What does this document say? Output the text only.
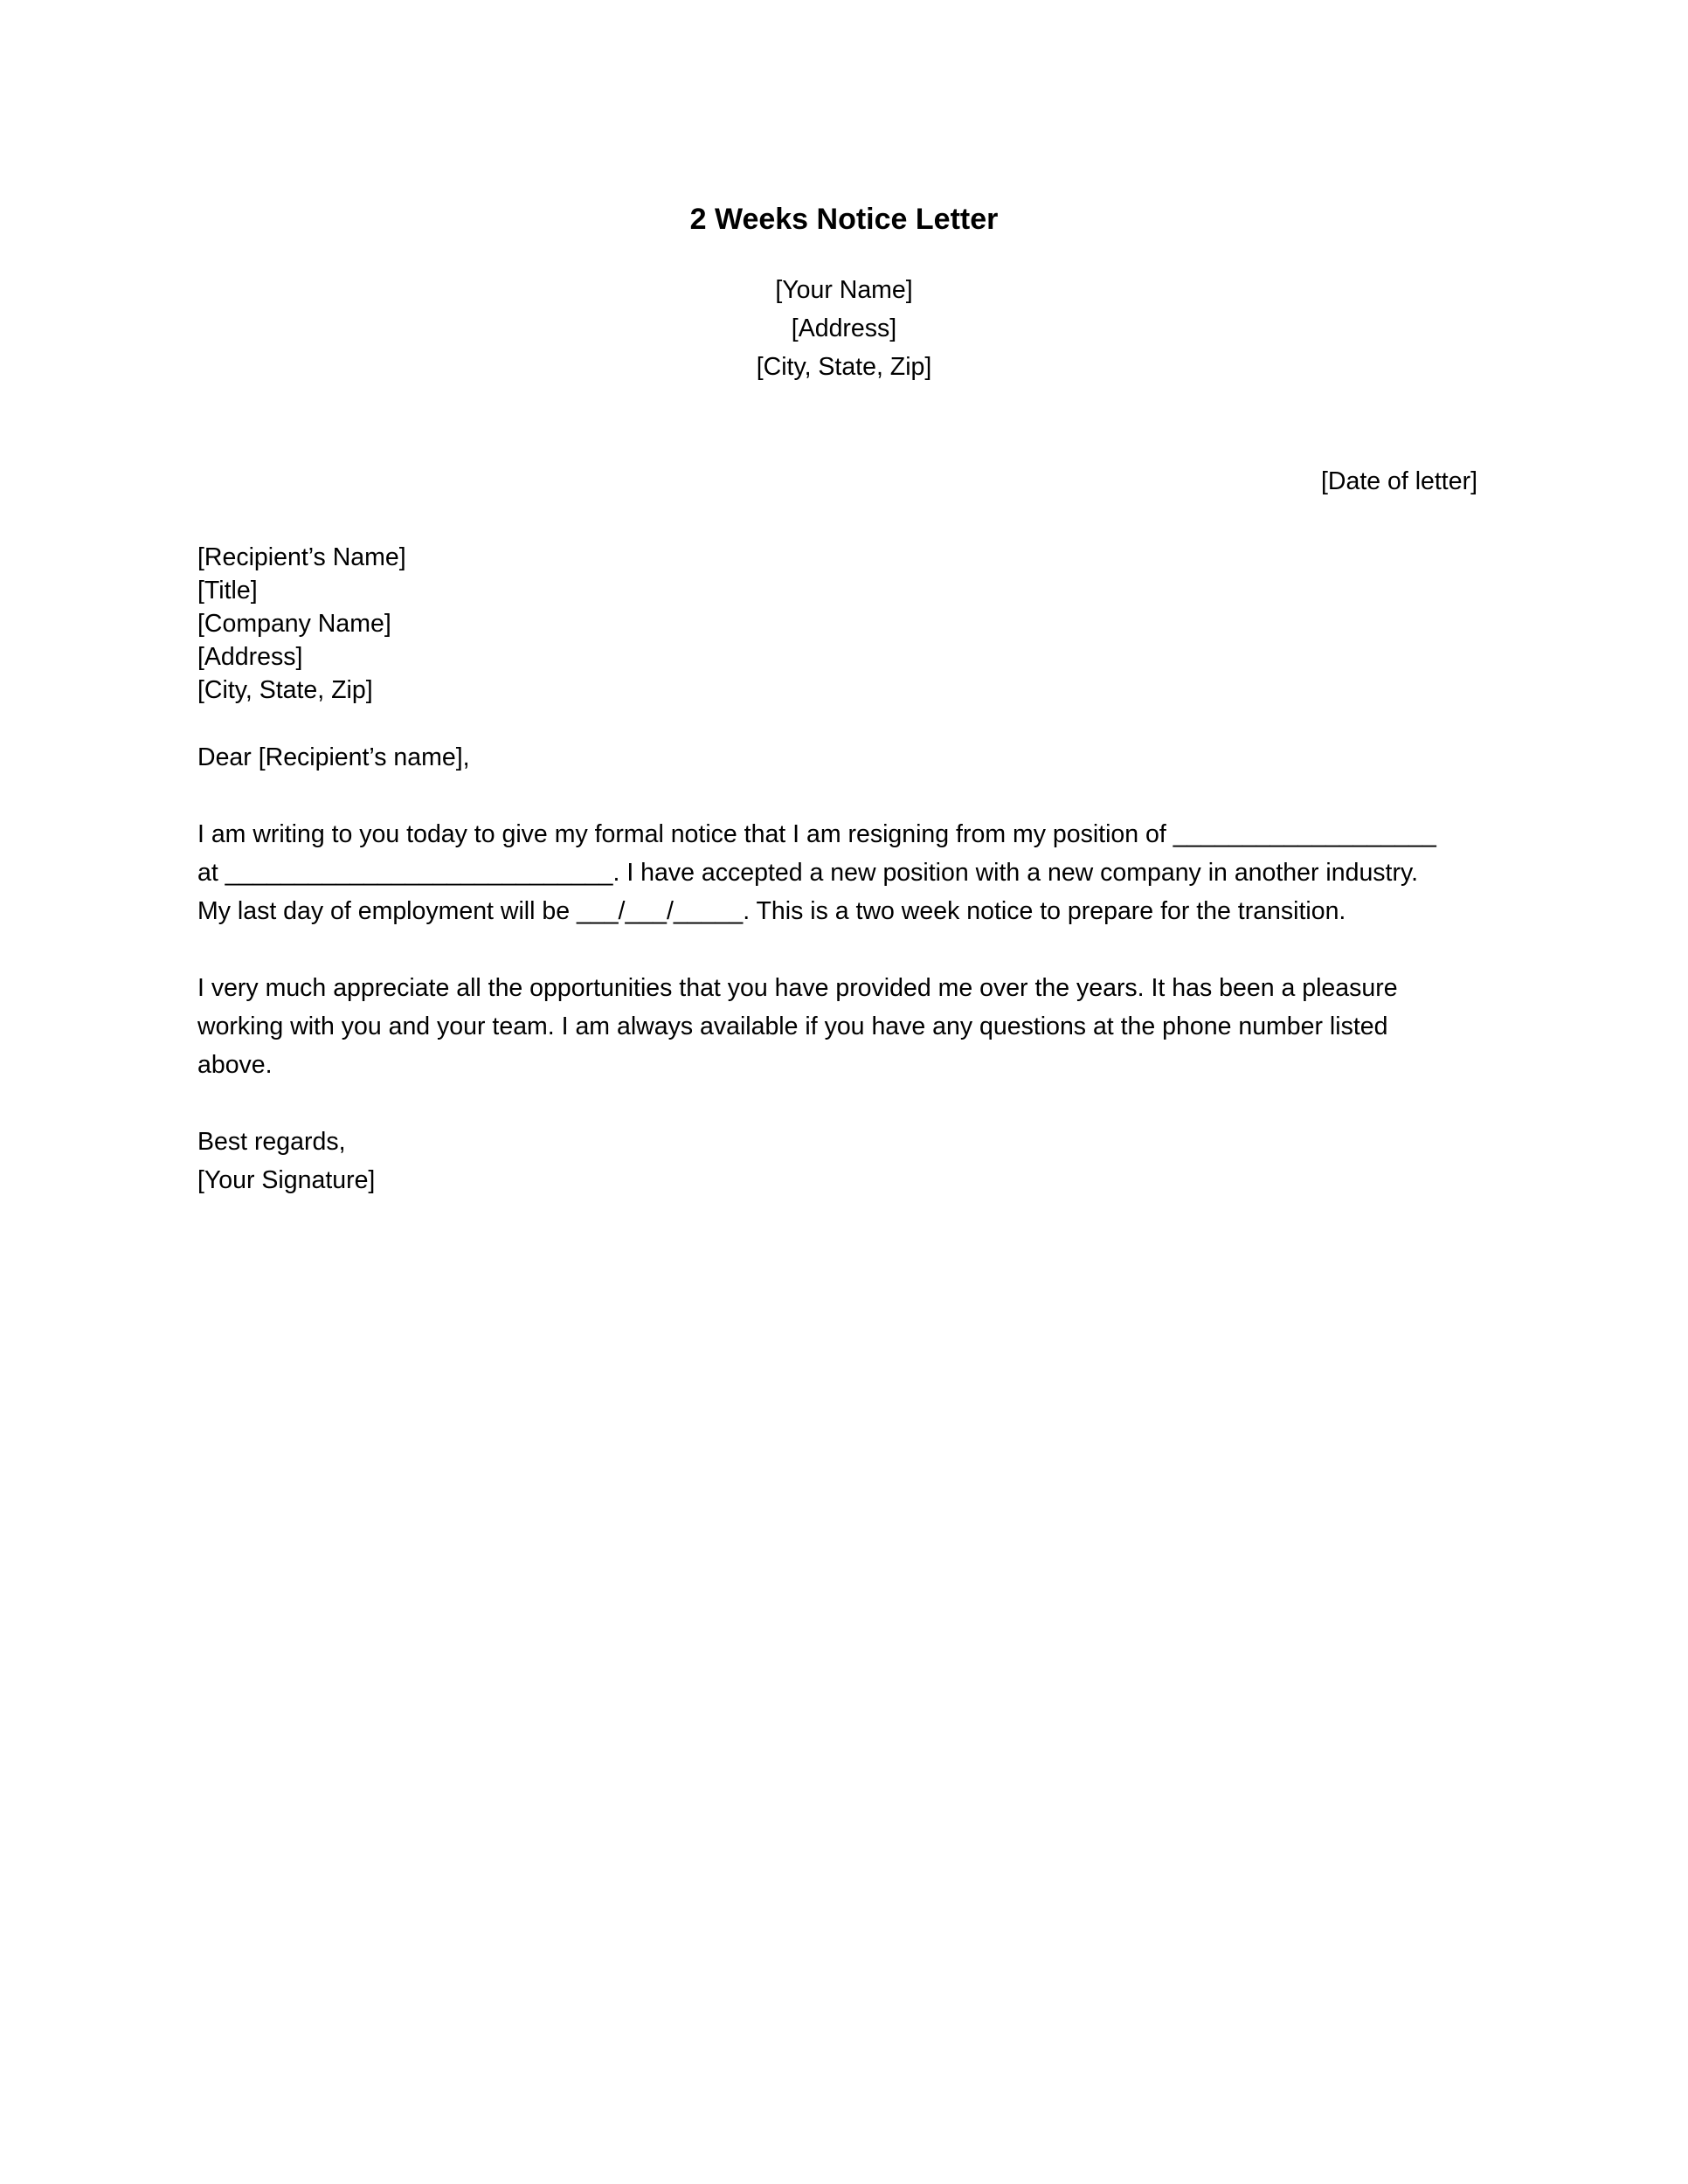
2 Weeks Notice Letter
[Your Name]
[Address]
[City, State, Zip]
[Date of letter]
[Recipient’s Name]
[Title]
[Company Name]
[Address]
[City, State, Zip]
Dear [Recipient’s name],
I am writing to you today to give my formal notice that I am resigning from my position of ___________________
at ____________________________. I have accepted a new position with a new company in another industry.
My last day of employment will be ___/___/_____. This is a two week notice to prepare for the transition.
I very much appreciate all the opportunities that you have provided me over the years. It has been a pleasure
working with you and your team. I am always available if you have any questions at the phone number listed
above.
Best regards,
[Your Signature]
